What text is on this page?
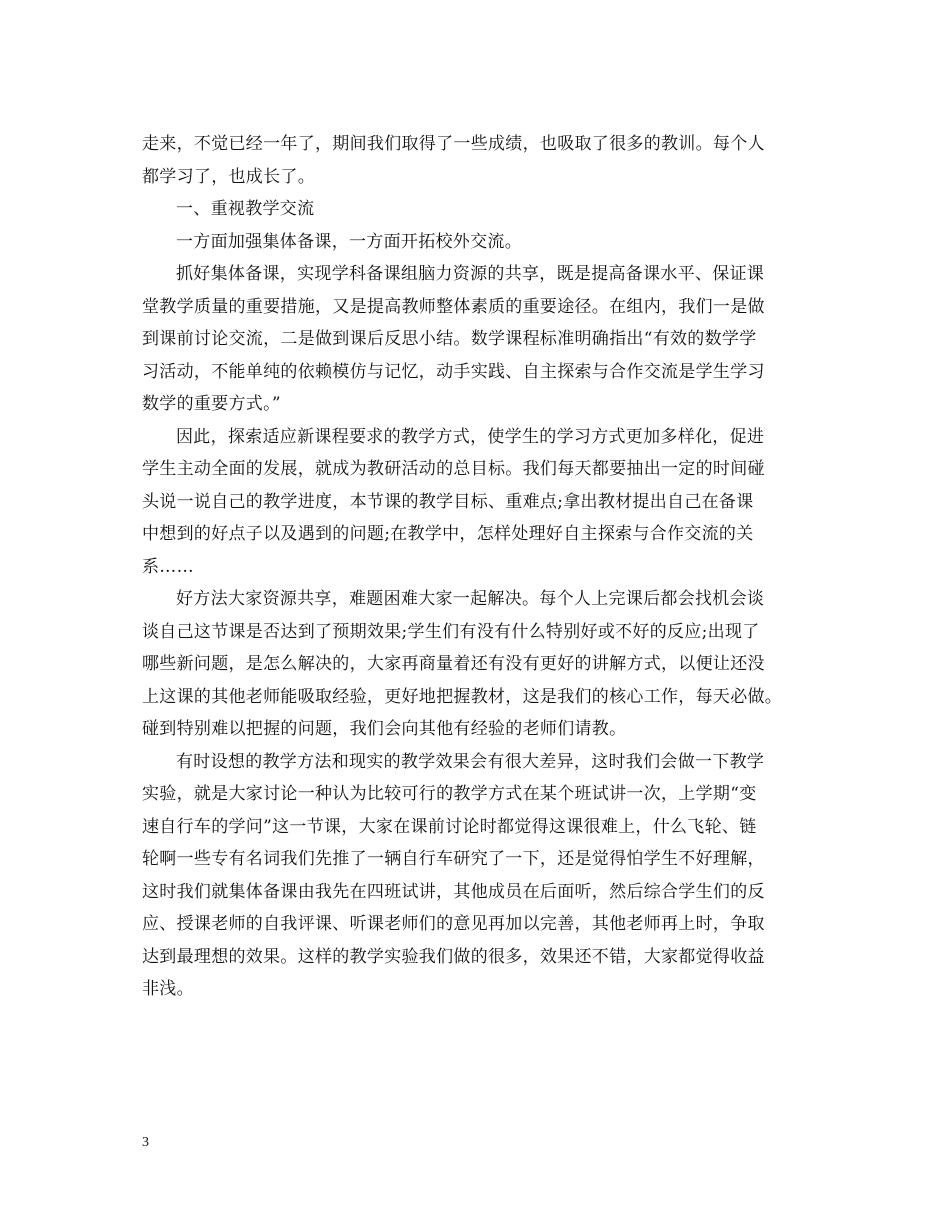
走来，不觉已经一年了，期间我们取得了一些成绩，也吸取了很多的教训。每个人
都学习了，也成长了。
一、重视教学交流
一方面加强集体备课，一方面开拓校外交流。
抓好集体备课，实现学科备课组脑力资源的共享，既是提高备课水平、保证课
堂教学质量的重要措施，又是提高教师整体素质的重要途径。在组内，我们一是做
到课前讨论交流，二是做到课后反思小结。数学课程标准明确指出“有效的数学学
习活动，不能单纯的依赖模仿与记忆，动手实践、自主探索与合作交流是学生学习
数学的重要方式。”
因此，探索适应新课程要求的教学方式，使学生的学习方式更加多样化，促进
学生主动全面的发展，就成为教研活动的总目标。我们每天都要抽出一定的时间碰
头说一说自己的教学进度，本节课的教学目标、重难点;拿出教材提出自己在备课
中想到的好点子以及遇到的问题;在教学中，怎样处理好自主探索与合作交流的关
系……
好方法大家资源共享，难题困难大家一起解决。每个人上完课后都会找机会谈
谈自己这节课是否达到了预期效果;学生们有没有什么特别好或不好的反应;出现了
哪些新问题，是怎么解决的，大家再商量着还有没有更好的讲解方式，以便让还没
上这课的其他老师能吸取经验，更好地把握教材，这是我们的核心工作，每天必做。
碰到特别难以把握的问题，我们会向其他有经验的老师们请教。
有时设想的教学方法和现实的教学效果会有很大差异，这时我们会做一下教学
实验，就是大家讨论一种认为比较可行的教学方式在某个班试讲一次，上学期“变
速自行车的学问”这一节课，大家在课前讨论时都觉得这课很难上，什么飞轮、链
轮啊一些专有名词我们先推了一辆自行车研究了一下，还是觉得怕学生不好理解，
这时我们就集体备课由我先在四班试讲，其他成员在后面听，然后综合学生们的反
应、授课老师的自我评课、听课老师们的意见再加以完善，其他老师再上时，争取
达到最理想的效果。这样的教学实验我们做的很多，效果还不错，大家都觉得收益
非浅。
3
